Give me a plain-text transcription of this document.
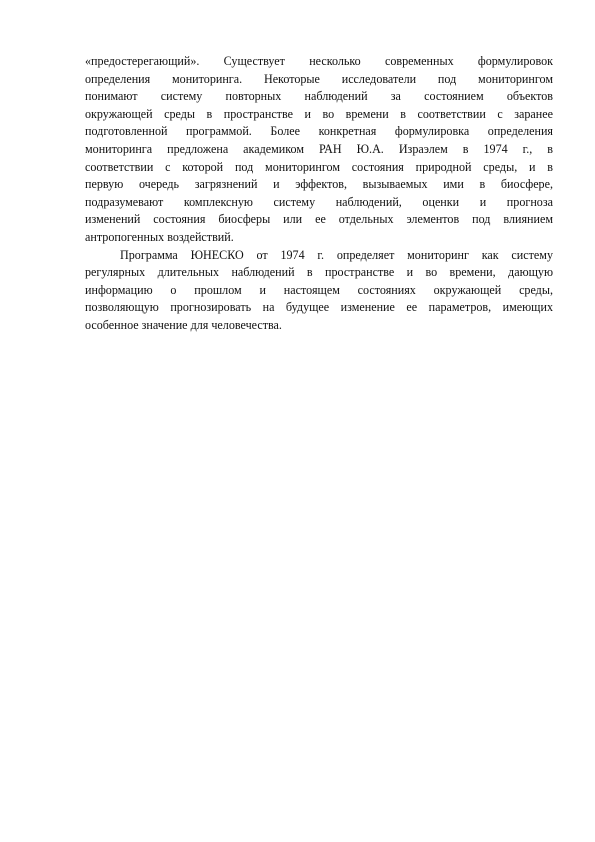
«предостерегающий». Существует несколько современных формулировок
определения мониторинга. Некоторые исследователи под мониторингом
понимают систему повторных наблюдений за состоянием объектов
окружающей среды в пространстве и во времени в соответствии с заранее
подготовленной программой. Более конкретная формулировка определения
мониторинга предложена академиком РАН Ю.А. Израэлем в 1974 г., в
соответствии с которой под мониторингом состояния природной среды, и в
первую очередь загрязнений и эффектов, вызываемых ими в биосфере,
подразумевают комплексную систему наблюдений, оценки и прогноза
изменений состояния биосферы или ее отдельных элементов под влиянием
антропогенных воздействий.

Программа ЮНЕСКО от 1974 г. определяет мониторинг как систему
регулярных длительных наблюдений в пространстве и во времени, дающую
информацию о прошлом и настоящем состояниях окружающей среды,
позволяющую прогнозировать на будущее изменение ее параметров, имеющих
особенное значение для человечества.
